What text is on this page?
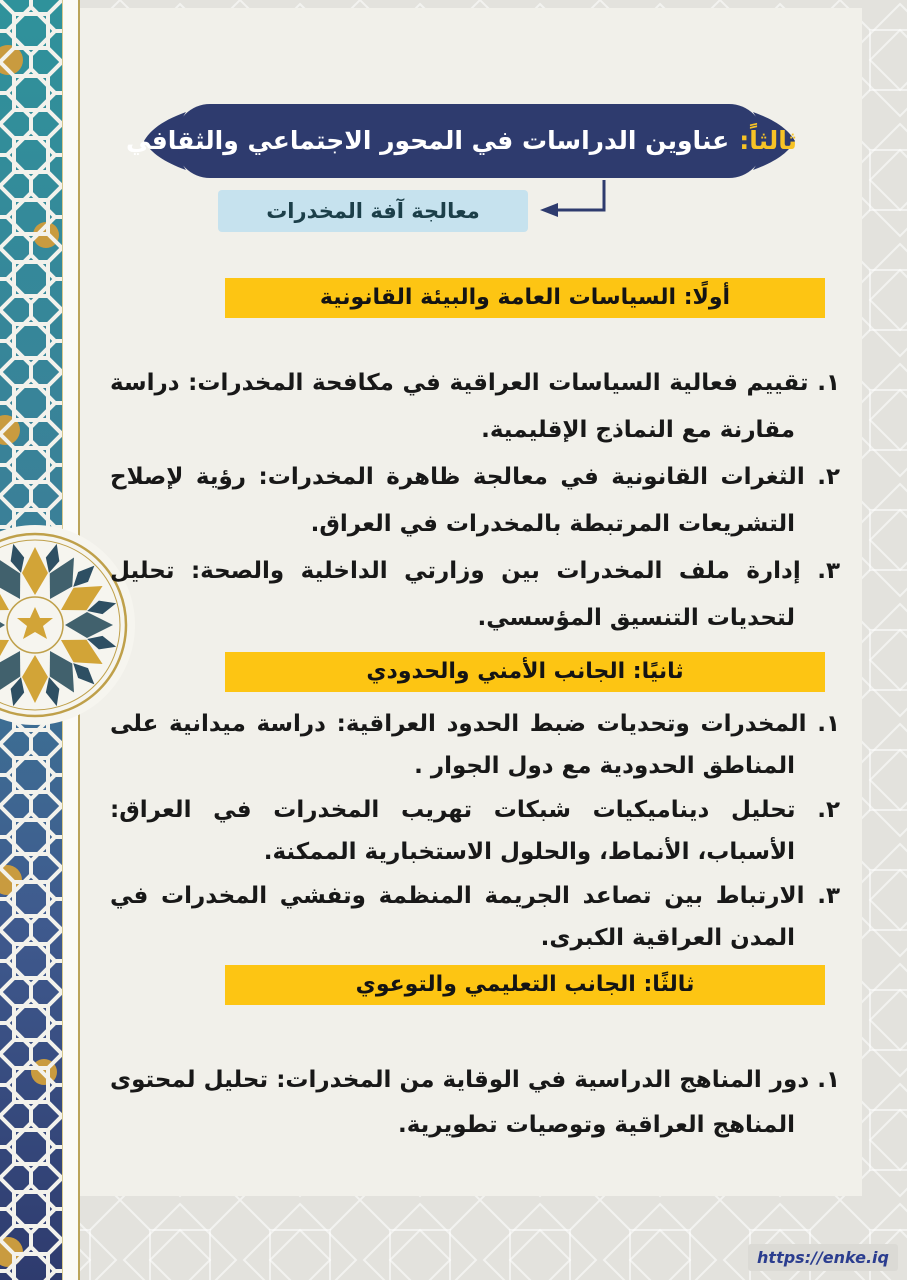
ثالثاً:عناوين الدراسات في المحور الاجتماعي والثقافي
معالجة آفة المخدرات
أولًا: السياسات العامة والبيئة القانونية
١. تقييم فعالية السياسات العراقية في مكافحة المخدرات: دراسة مقارنة مع النماذج الإقليمية.
٢. الثغرات القانونية في معالجة ظاهرة المخدرات: رؤية لإصلاح التشريعات المرتبطة بالمخدرات في العراق.
٣. إدارة ملف المخدرات بين وزارتي الداخلية والصحة: تحليل لتحديات التنسيق المؤسسي.
ثانيًا: الجانب الأمني والحدودي
١. المخدرات وتحديات ضبط الحدود العراقية: دراسة ميدانية على المناطق الحدودية مع دول الجوار .
٢. تحليل ديناميكيات شبكات تهريب المخدرات في العراق: الأسباب، الأنماط، والحلول الاستخبارية الممكنة.
٣. الارتباط بين تصاعد الجريمة المنظمة وتفشي المخدرات في المدن العراقية الكبرى.
ثالثًا: الجانب التعليمي والتوعوي
١. دور المناهج الدراسية في الوقاية من المخدرات: تحليل لمحتوى المناهج العراقية وتوصيات تطويرية.
https://enke.iq
